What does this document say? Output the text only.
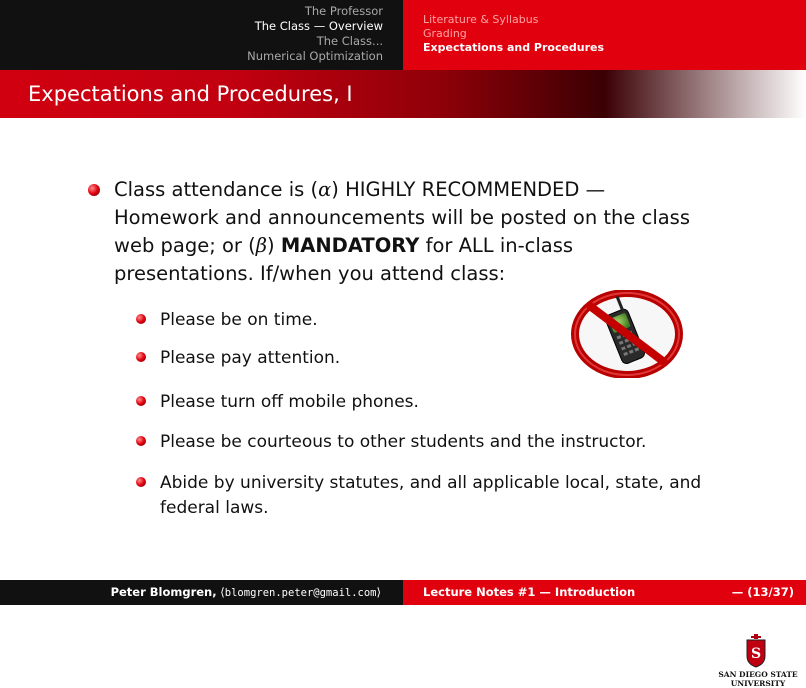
The Professor
The Class — Overview
The Class...
Numerical Optimization
Literature & Syllabus
Grading
Expectations and Procedures
Expectations and Procedures, I
Class attendance is (α) HIGHLY RECOMMENDED — Homework and announcements will be posted on the class web page; or (β) MANDATORY for ALL in-class presentations. If/when you attend class:
Please be on time.
Please pay attention.
Please turn off mobile phones.
Please be courteous to other students and the instructor.
Abide by university statutes, and all applicable local, state, and federal laws.
S
SAN DIEGO STATE
UNIVERSITY
Peter Blomgren, ⟨blomgren.peter@gmail.com⟩	Lecture Notes #1 — Introduction	— (13/37)
